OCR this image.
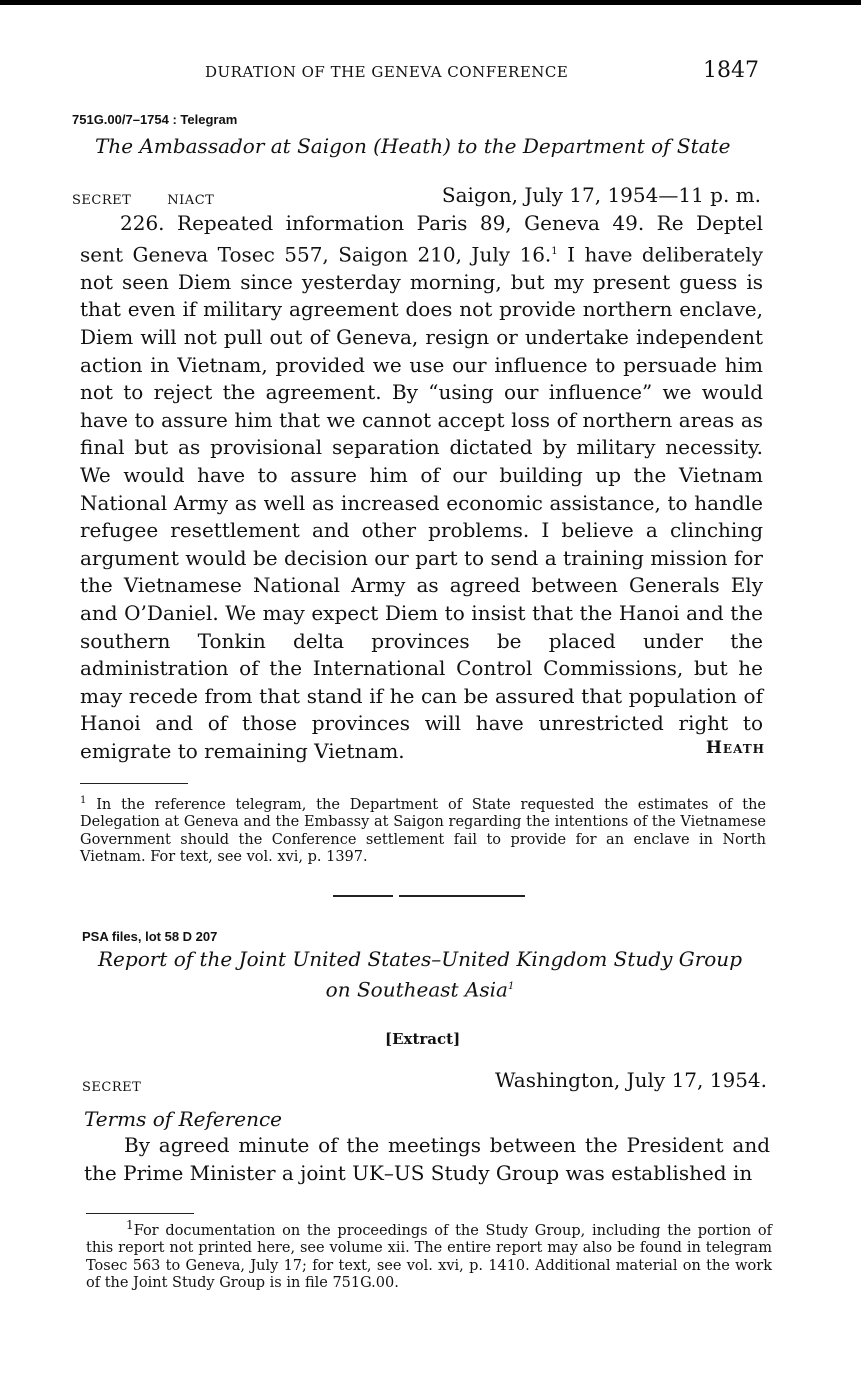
DURATION OF THE GENEVA CONFERENCE	1847
751G.00/7–1754 : Telegram
The Ambassador at Saigon (Heath) to the Department of State
SECRET	NIACT	Saigon, July 17, 1954—11 p. m.
226. Repeated information Paris 89, Geneva 49. Re Deptel sent Geneva Tosec 557, Saigon 210, July 16.$^1$ I have deliberately not seen Diem since yesterday morning, but my present guess is that even if military agreement does not provide northern enclave, Diem will not pull out of Geneva, resign or undertake independent action in Vietnam, provided we use our influence to persuade him not to reject the agreement. By “using our influence” we would have to assure him that we cannot accept loss of northern areas as final but as provisional separation dictated by military necessity. We would have to assure him of our building up the Vietnam National Army as well as increased economic assistance, to handle refugee resettlement and other problems. I believe a clinching argument would be decision our part to send a training mission for the Vietnamese National Army as agreed between Generals Ely and O’Daniel. We may expect Diem to insist that the Hanoi and the southern Tonkin delta provinces be placed under the administration of the International Control Commissions, but he may recede from that stand if he can be assured that population of Hanoi and of those provinces will have unrestricted right to emigrate to remaining Vietnam.	Heath
$^1$ In the reference telegram, the Department of State requested the estimates of the Delegation at Geneva and the Embassy at Saigon regarding the intentions of the Vietnamese Government should the Conference settlement fail to provide for an enclave in North Vietnam. For text, see vol. xvi, p. 1397.
PSA files, lot 58 D 207
Report of the Joint United States–United Kingdom Study Group
on Southeast Asia$^1$
[Extract]
SECRET	Washington, July 17, 1954.
Terms of Reference
By agreed minute of the meetings between the President and the Prime Minister a joint UK–US Study Group was established in
$^1$For documentation on the proceedings of the Study Group, including the portion of this report not printed here, see volume xii. The entire report may also be found in telegram Tosec 563 to Geneva, July 17; for text, see vol. xvi, p. 1410. Additional material on the work of the Joint Study Group is in file 751G.00.
